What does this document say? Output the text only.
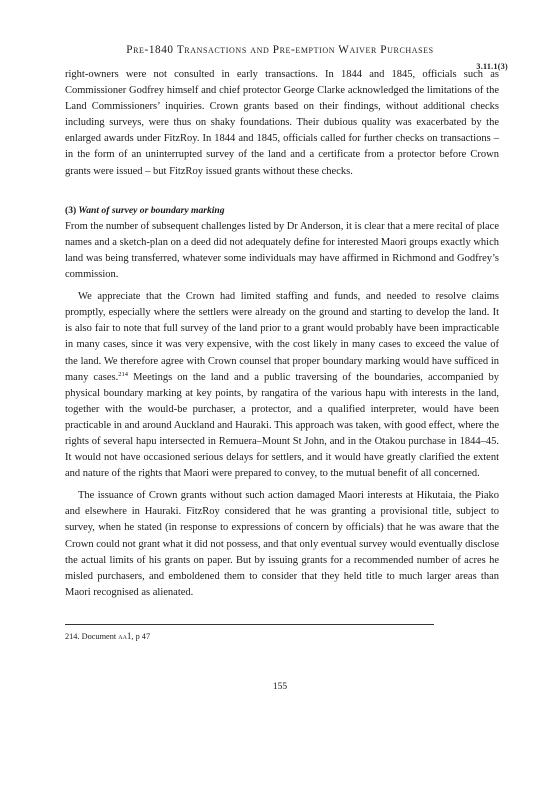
Pre-1840 Transactions and Pre-emption Waiver Purchases
3.11.1(3)

right-owners were not consulted in early transactions. In 1844 and 1845, officials such as Commissioner Godfrey himself and chief protector George Clarke acknowledged the limitations of the Land Commissioners’ inquiries. Crown grants based on their findings, without additional checks including surveys, were thus on shaky foundations. Their dubious quality was exacerbated by the enlarged awards under FitzRoy. In 1844 and 1845, officials called for further checks on transactions – in the form of an uninterrupted survey of the land and a certificate from a protector before Crown grants were issued – but FitzRoy issued grants without these checks.

(3) Want of survey or boundary marking

From the number of subsequent challenges listed by Dr Anderson, it is clear that a mere recital of place names and a sketch-plan on a deed did not adequately define for interested Maori groups exactly which land was being transferred, whatever some individuals may have affirmed in Richmond and Godfrey’s commission.

We appreciate that the Crown had limited staffing and funds, and needed to resolve claims promptly, especially where the settlers were already on the ground and starting to develop the land. It is also fair to note that full survey of the land prior to a grant would probably have been impracticable in many cases, since it was very expensive, with the cost likely in many cases to exceed the value of the land. We therefore agree with Crown counsel that proper boundary marking would have sufficed in many cases.$^{214}$ Meetings on the land and a public traversing of the boundaries, accompanied by physical boundary marking at key points, by rangatira of the various hapu with interests in the land, together with the would-be purchaser, a protector, and a qualified interpreter, would have been practicable in and around Auckland and Hauraki. This approach was taken, with good effect, where the rights of several hapu intersected in Remuera–Mount St John, and in the Otakou purchase in 1844–45. It would not have occasioned serious delays for settlers, and it would have greatly clarified the extent and nature of the rights that Maori were prepared to convey, to the mutual benefit of all concerned.

The issuance of Crown grants without such action damaged Maori interests at Hikutaia, the Piako and elsewhere in Hauraki. FitzRoy considered that he was granting a provisional title, subject to survey, when he stated (in response to expressions of concern by officials) that he was aware that the Crown could not grant what it did not possess, and that only eventual survey would eventually disclose the actual limits of his grants on paper. But by issuing grants for a recommended number of acres he misled purchasers, and emboldened them to consider that they held title to much larger areas than Maori recognised as alienated.

214. Document aa1, p 47
155
